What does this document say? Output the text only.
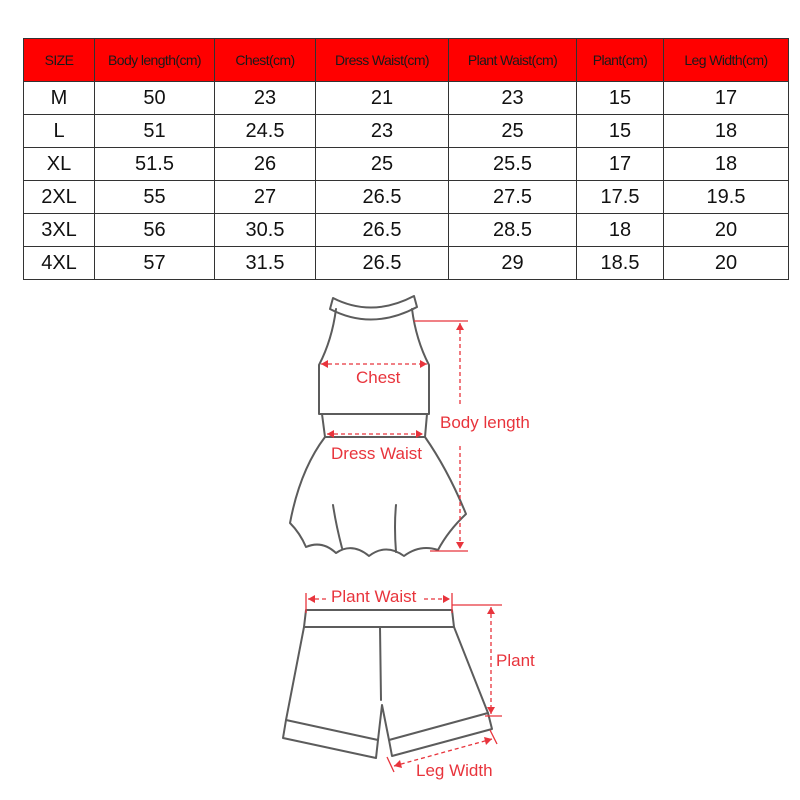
SIZE	Body length(cm)	Chest(cm)	Dress Waist(cm)	Plant Waist(cm)	Plant(cm)	Leg Width(cm)
M	50	23	21	23	15	17
L	51	24.5	23	25	15	18
XL	51.5	26	25	25.5	17	18
2XL	55	27	26.5	27.5	17.5	19.5
3XL	56	30.5	26.5	28.5	18	20
4XL	57	31.5	26.5	29	18.5	20
Chest
Body length
Dress Waist
Plant Waist
Plant
Leg Width
